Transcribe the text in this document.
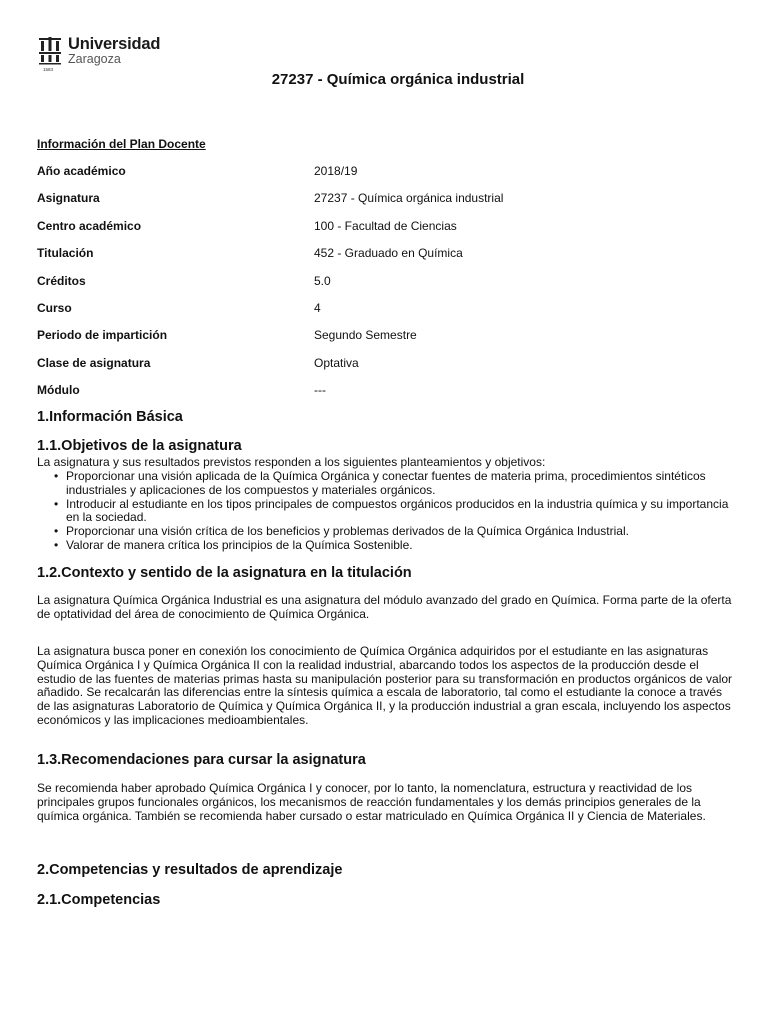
1583
Universidad
Zaragoza
27237 - Química orgánica industrial
Información del Plan Docente
Año académico	2018/19
Asignatura	27237 - Química orgánica industrial
Centro académico	100 - Facultad de Ciencias
Titulación	452 - Graduado en Química
Créditos	5.0
Curso	4
Periodo de impartición	Segundo Semestre
Clase de asignatura	Optativa
Módulo	---
1.Información Básica
1.1.Objetivos de la asignatura

La asignatura y sus resultados previstos responden a los siguientes planteamientos y objetivos:

• Proporcionar una visión aplicada de la Química Orgánica y conectar fuentes de materia prima, procedimientos sintéticos industriales y aplicaciones de los compuestos y materiales orgánicos.
• Introducir al estudiante en los tipos principales de compuestos orgánicos producidos en la industria química y su importancia en la sociedad.
• Proporcionar una visión crítica de los beneficios y problemas derivados de la Química Orgánica Industrial.
• Valorar de manera crítica los principios de la Química Sostenible.
1.2.Contexto y sentido de la asignatura en la titulación

La asignatura Química Orgánica Industrial es una asignatura del módulo avanzado del grado en Química. Forma parte de la oferta de optatividad del área de conocimiento de Química Orgánica.

La asignatura busca poner en conexión los conocimiento de Química Orgánica adquiridos por el estudiante en las asignaturas Química Orgánica I y Química Orgánica II con la realidad industrial, abarcando todos los aspectos de la producción desde el estudio de las fuentes de materias primas hasta su manipulación posterior para su transformación en productos orgánicos de valor añadido. Se recalcarán las diferencias entre la síntesis química a escala de laboratorio, tal como el estudiante la conoce a través de las asignaturas Laboratorio de Química y Química Orgánica II, y la producción industrial a gran escala, incluyendo los aspectos económicos y las implicaciones medioambientales.

1.3.Recomendaciones para cursar la asignatura

Se recomienda haber aprobado Química Orgánica I y conocer, por lo tanto, la nomenclatura, estructura y reactividad de los principales grupos funcionales orgánicos, los mecanismos de reacción fundamentales y los demás principios generales de la química orgánica. También se recomienda haber cursado o estar matriculado en Química Orgánica II y Ciencia de Materiales.

2.Competencias y resultados de aprendizaje
2.1.Competencias
